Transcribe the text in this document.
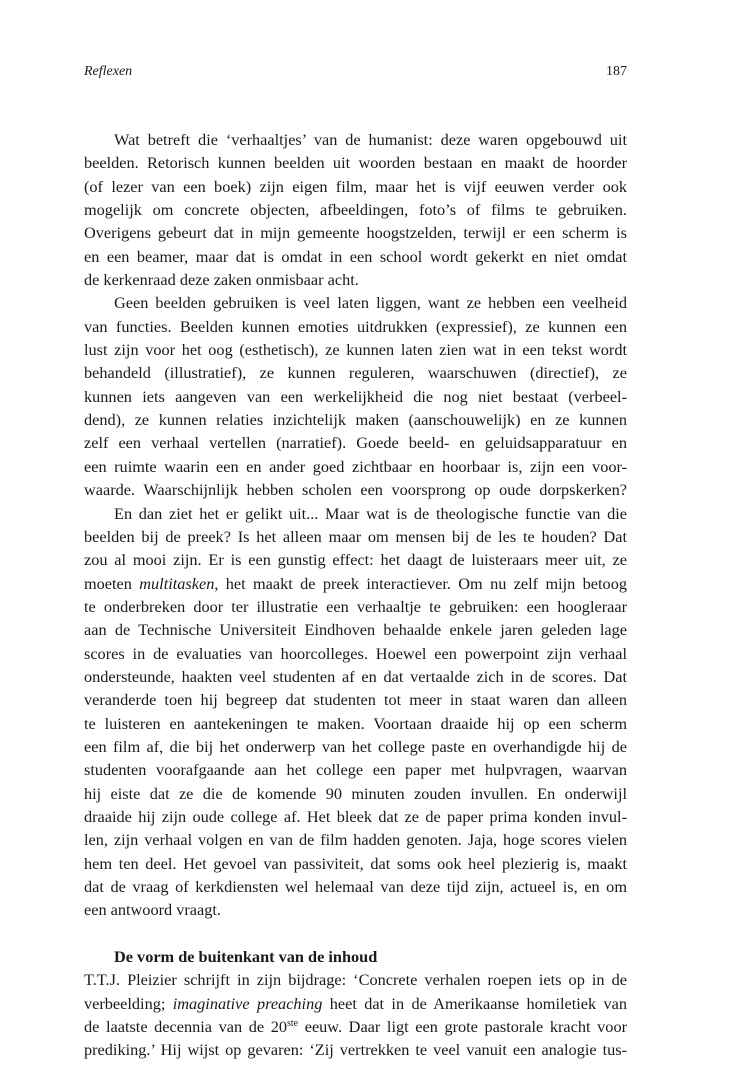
Reflexen	187
Wat betreft die ‘verhaaltjes’ van de humanist: deze waren opgebouwd uit
beelden. Retorisch kunnen beelden uit woorden bestaan en maakt de hoorder
(of lezer van een boek) zijn eigen film, maar het is vijf eeuwen verder ook
mogelijk om concrete objecten, afbeeldingen, foto’s of films te gebruiken.
Overigens gebeurt dat in mijn gemeente hoogstzelden, terwijl er een scherm is
en een beamer, maar dat is omdat in een school wordt gekerkt en niet omdat
de kerkenraad deze zaken onmisbaar acht.
Geen beelden gebruiken is veel laten liggen, want ze hebben een veelheid
van functies. Beelden kunnen emoties uitdrukken (expressief), ze kunnen een
lust zijn voor het oog (esthetisch), ze kunnen laten zien wat in een tekst wordt
behandeld (illustratief), ze kunnen reguleren, waarschuwen (directief), ze
kunnen iets aangeven van een werkelijkheid die nog niet bestaat (verbeel-
dend), ze kunnen relaties inzichtelijk maken (aanschouwelijk) en ze kunnen
zelf een verhaal vertellen (narratief). Goede beeld- en geluidsapparatuur en
een ruimte waarin een en ander goed zichtbaar en hoorbaar is, zijn een voor-
waarde. Waarschijnlijk hebben scholen een voorsprong op oude dorpskerken?
En dan ziet het er gelikt uit... Maar wat is de theologische functie van die
beelden bij de preek? Is het alleen maar om mensen bij de les te houden? Dat
zou al mooi zijn. Er is een gunstig effect: het daagt de luisteraars meer uit, ze
moeten multitasken, het maakt de preek interactiever. Om nu zelf mijn betoog
te onderbreken door ter illustratie een verhaaltje te gebruiken: een hoogleraar
aan de Technische Universiteit Eindhoven behaalde enkele jaren geleden lage
scores in de evaluaties van hoorcolleges. Hoewel een powerpoint zijn verhaal
ondersteunde, haakten veel studenten af en dat vertaalde zich in de scores. Dat
veranderde toen hij begreep dat studenten tot meer in staat waren dan alleen
te luisteren en aantekeningen te maken. Voortaan draaide hij op een scherm
een film af, die bij het onderwerp van het college paste en overhandigde hij de
studenten voorafgaande aan het college een paper met hulpvragen, waarvan
hij eiste dat ze die de komende 90 minuten zouden invullen. En onderwijl
draaide hij zijn oude college af. Het bleek dat ze de paper prima konden invul-
len, zijn verhaal volgen en van de film hadden genoten. Jaja, hoge scores vielen
hem ten deel. Het gevoel van passiviteit, dat soms ook heel plezierig is, maakt
dat de vraag of kerkdiensten wel helemaal van deze tijd zijn, actueel is, en om
een antwoord vraagt.
De vorm de buitenkant van de inhoud
T.T.J. Pleizier schrijft in zijn bijdrage: ‘Concrete verhalen roepen iets op in de
verbeelding; imaginative preaching heet dat in de Amerikaanse homiletiek van
de laatste decennia van de 20ste eeuw. Daar ligt een grote pastorale kracht voor
prediking.’ Hij wijst op gevaren: ‘Zij vertrekken te veel vanuit een analogie tus-
